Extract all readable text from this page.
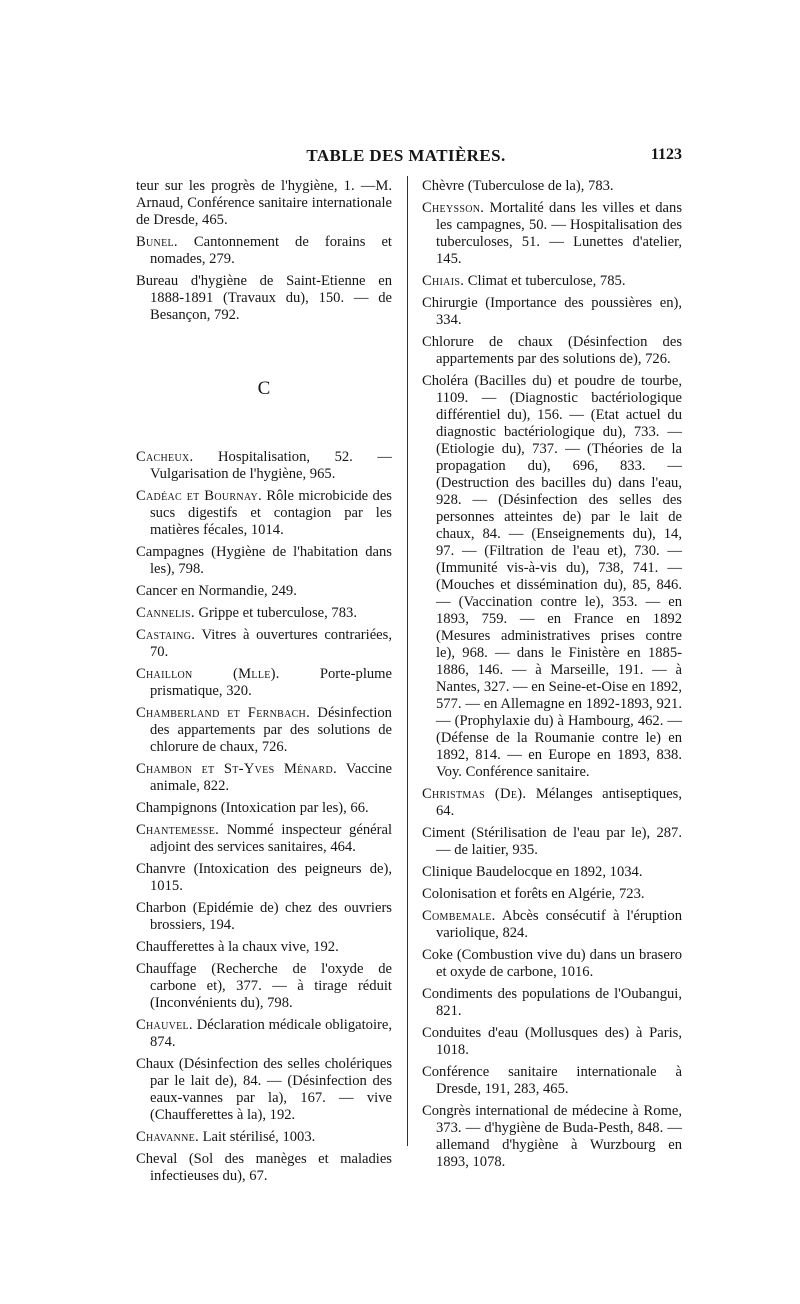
TABLE DES MATIÈRES.	1123
teur sur les progrès de l'hygiène, 1. —M. Arnaud, Conférence sanitaire internationale de Dresde, 465.
Bunel. Cantonnement de forains et nomades, 279.
Bureau d'hygiène de Saint-Etienne en 1888-1891 (Travaux du), 150. — de Besançon, 792.
C
Cacheux. Hospitalisation, 52. — Vulgarisation de l'hygiène, 965.
Cadéac et Bournay. Rôle microbicide des sucs digestifs et contagion par les matières fécales, 1014.
Campagnes (Hygiène de l'habitation dans les), 798.
Cancer en Normandie, 249.
Cannelis. Grippe et tuberculose, 783.
Castaing. Vitres à ouvertures contrariées, 70.
Chaillon (Mlle). Porte-plume prismatique, 320.
Chamberland et Fernbach. Désinfection des appartements par des solutions de chlorure de chaux, 726.
Chambon et St-Yves Ménard. Vaccine animale, 822.
Champignons (Intoxication par les), 66.
Chantemesse. Nommé inspecteur général adjoint des services sanitaires, 464.
Chanvre (Intoxication des peigneurs de), 1015.
Charbon (Epidémie de) chez des ouvriers brossiers, 194.
Chaufferettes à la chaux vive, 192.
Chauffage (Recherche de l'oxyde de carbone et), 377. — à tirage réduit (Inconvénients du), 798.
Chauvel. Déclaration médicale obligatoire, 874.
Chaux (Désinfection des selles cholériques par le lait de), 84. — (Désinfection des eaux-vannes par la), 167. — vive (Chaufferettes à la), 192.
Chavanne. Lait stérilisé, 1003.
Cheval (Sol des manèges et maladies infectieuses du), 67.
Chèvre (Tuberculose de la), 783.
Cheysson. Mortalité dans les villes et dans les campagnes, 50. — Hospitalisation des tuberculoses, 51. — Lunettes d'atelier, 145.
Chiais. Climat et tuberculose, 785.
Chirurgie (Importance des poussières en), 334.
Chlorure de chaux (Désinfection des appartements par des solutions de), 726.
Choléra (Bacilles du) et poudre de tourbe, 1109. — (Diagnostic bactériologique différentiel du), 156. — (Etat actuel du diagnostic bactériologique du), 733. — (Etiologie du), 737. — (Théories de la propagation du), 696, 833. — (Destruction des bacilles du) dans l'eau, 928. — (Désinfection des selles des personnes atteintes de) par le lait de chaux, 84. — (Enseignements du), 14, 97. — (Filtration de l'eau et), 730. — (Immunité vis-à-vis du), 738, 741. — (Mouches et dissémination du), 85, 846. — (Vaccination contre le), 353. — en 1893, 759. — en France en 1892 (Mesures administratives prises contre le), 968. — dans le Finistère en 1885-1886, 146. — à Marseille, 191. — à Nantes, 327. — en Seine-et-Oise en 1892, 577. — en Allemagne en 1892-1893, 921. — (Prophylaxie du) à Hambourg, 462. — (Défense de la Roumanie contre le) en 1892, 814. — en Europe en 1893, 838. Voy. Conférence sanitaire.
Christmas (De). Mélanges antiseptiques, 64.
Ciment (Stérilisation de l'eau par le), 287. — de laitier, 935.
Clinique Baudelocque en 1892, 1034.
Colonisation et forêts en Algérie, 723.
Combemale. Abcès consécutif à l'éruption variolique, 824.
Coke (Combustion vive du) dans un brasero et oxyde de carbone, 1016.
Condiments des populations de l'Oubangui, 821.
Conduites d'eau (Mollusques des) à Paris, 1018.
Conférence sanitaire internationale à Dresde, 191, 283, 465.
Congrès international de médecine à Rome, 373. — d'hygiène de Buda-Pesth, 848. — allemand d'hygiène à Wurzbourg en 1893, 1078.
